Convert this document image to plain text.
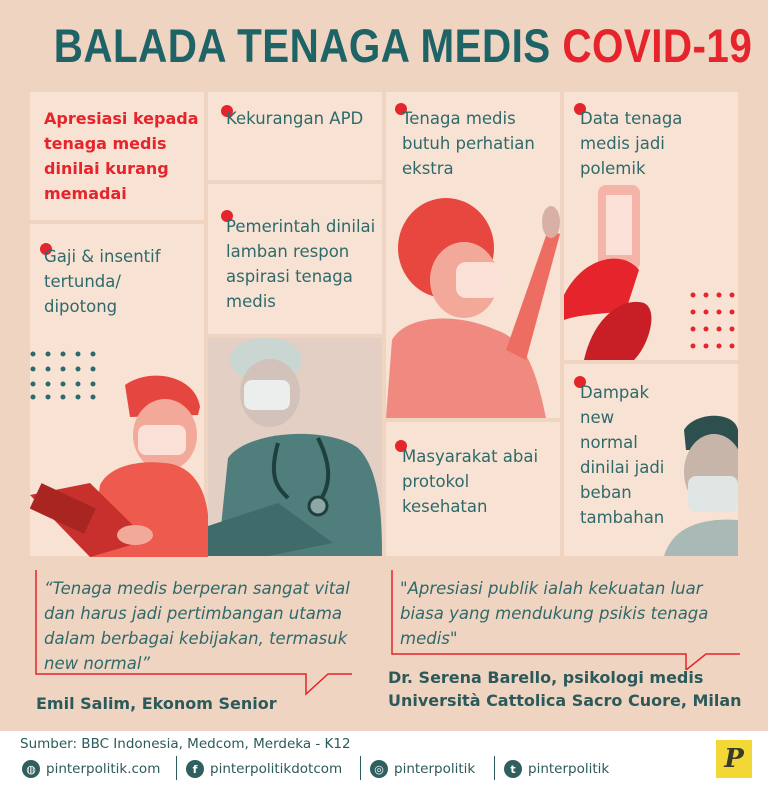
BALADA TENAGA MEDIS COVID-19
Apresiasi kepada tenaga medis dinilai kurang memadai
Gaji & insentif tertunda/ dipotong
Kekurangan APD
Pemerintah dinilai lamban respon aspirasi tenaga medis
Tenaga medis butuh perhatian ekstra
Masyarakat abai protokol kesehatan
Data tenaga medis jadi polemik
Dampak new normal dinilai jadi beban tambahan
“Tenaga medis berperan sangat vital dan harus jadi pertimbangan utama dalam berbagai kebijakan, termasuk new normal”
Emil Salim, Ekonom Senior
"Apresiasi publik ialah kekuatan luar biasa yang mendukung psikis tenaga medis"
Dr. Serena Barello, psikologi medis Università Cattolica Sacro Cuore, Milan
Sumber: BBC Indonesia, Medcom, Merdeka - K12
◍ pinterpolitik.com	f pinterpolitikdotcom	◎ pinterpolitik	t pinterpolitik	P
